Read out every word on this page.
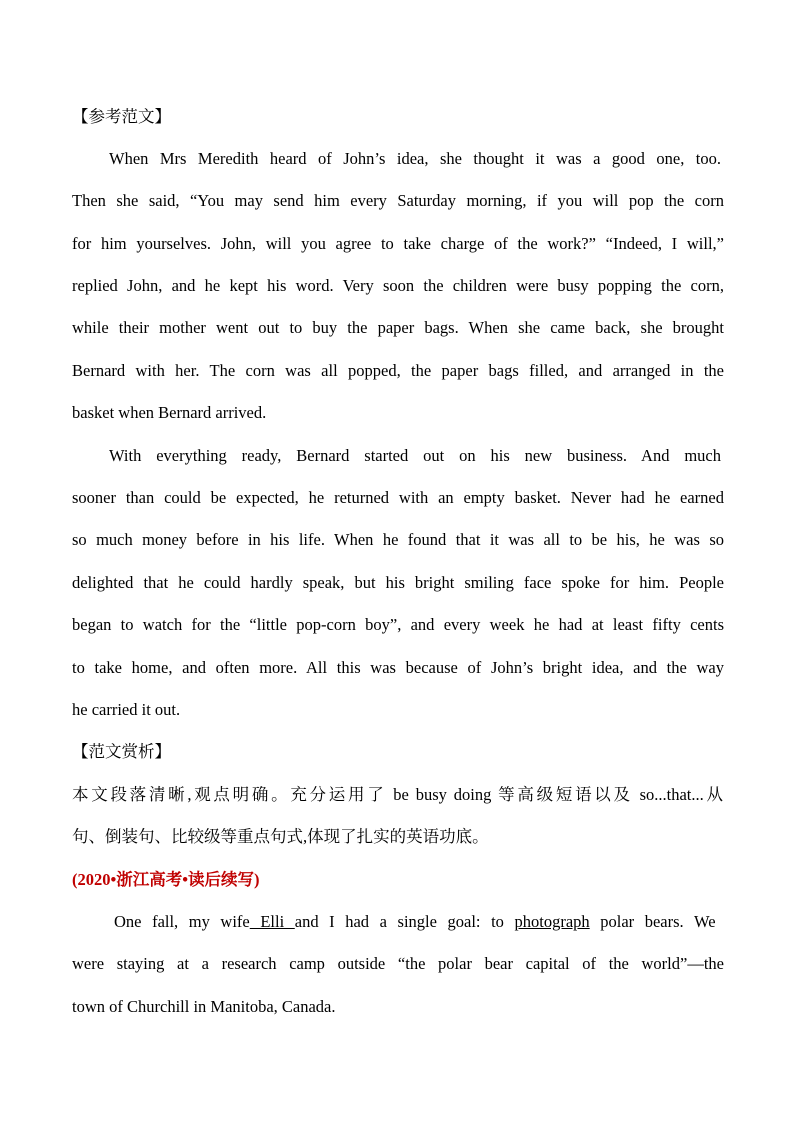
【参考范文】
When Mrs Meredith heard of John’s idea, she thought it was a good one, too.
Then she said, “You may send him every Saturday morning, if you will pop the corn
for him yourselves. John, will you agree to take charge of the work?” “Indeed, I will,”
replied John, and he kept his word. Very soon the children were busy popping the corn,
while their mother went out to buy the paper bags. When she came back, she brought
Bernard with her. The corn was all popped, the paper bags filled, and arranged in the
basket when Bernard arrived.
With everything ready, Bernard started out on his new business. And much
sooner than could be expected, he returned with an empty basket. Never had he earned
so much money before in his life. When he found that it was all to be his, he was so
delighted that he could hardly speak, but his bright smiling face spoke for him. People
began to watch for the “little pop-corn boy”, and every week he had at least fifty cents
to take home, and often more. All this was because of John’s bright idea, and the way
he carried it out.
【范文赏析】
本文段落清晰,观点明确。充分运用了 be busy doing 等高级短语以及 so...that...从
句、倒装句、比较级等重点句式,体现了扎实的英语功底。
(2020•浙江高考•读后续写)
One fall, my wife Elli and I had a single goal: to photograph polar bears. We
were staying at a research camp outside “the polar bear capital of the world”—the
town of Churchill in Manitoba, Canada.
